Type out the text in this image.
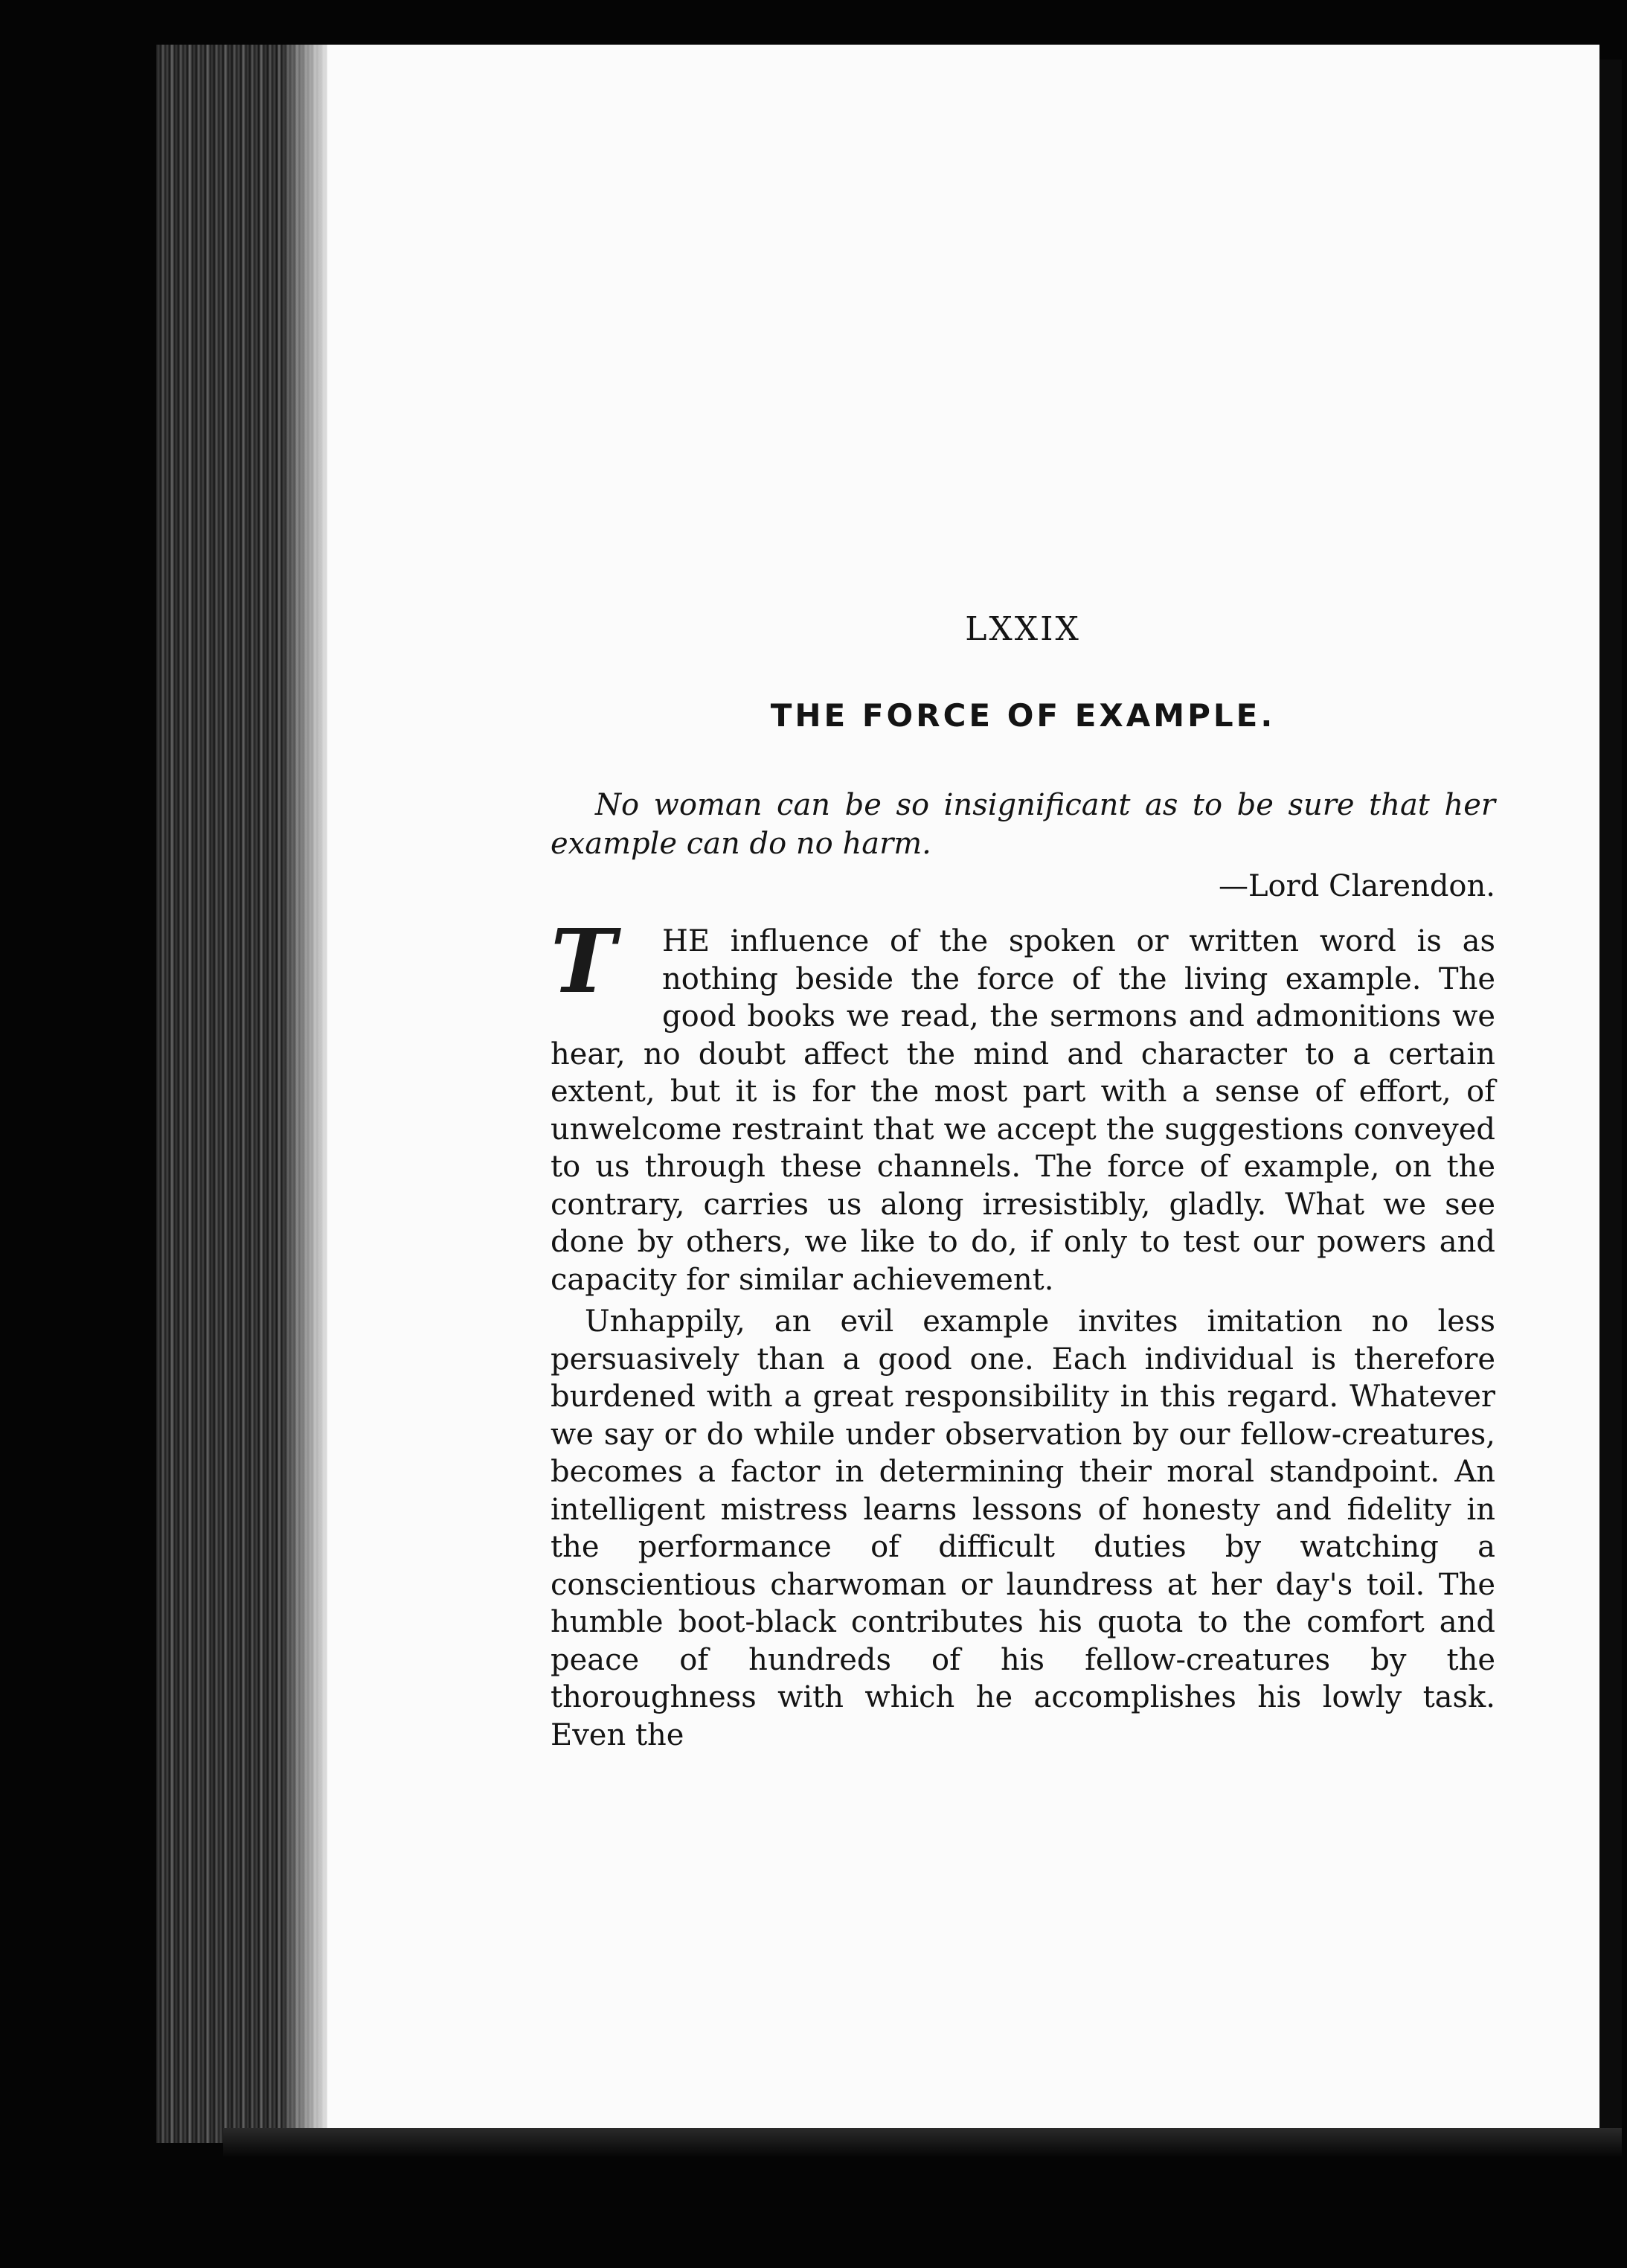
LXXIX
THE FORCE OF EXAMPLE.

No woman can be so insignificant as to be sure that her example can do no harm.

—Lord Clarendon.

T	HE influence of the spoken or written word is as nothing beside the force of the living example. The good books we read, the sermons and admonitions we hear, no doubt affect the mind and character to a certain extent, but it is for the most part with a sense of effort, of unwelcome restraint that we accept the suggestions conveyed to us through these channels. The force of example, on the contrary, carries us along irresistibly, gladly. What we see done by others, we like to do, if only to test our powers and capacity for similar achievement.

Unhappily, an evil example invites imitation no less persuasively than a good one. Each individual is therefore burdened with a great responsibility in this regard. Whatever we say or do while under observation by our fellow-creatures, becomes a factor in determining their moral standpoint. An intelligent mistress learns lessons of honesty and fidelity in the performance of difficult duties by watching a conscientious charwoman or laundress at her day's toil. The humble boot-black contributes his quota to the comfort and peace of hundreds of his fellow-creatures by the thoroughness with which he accomplishes his lowly task. Even the
